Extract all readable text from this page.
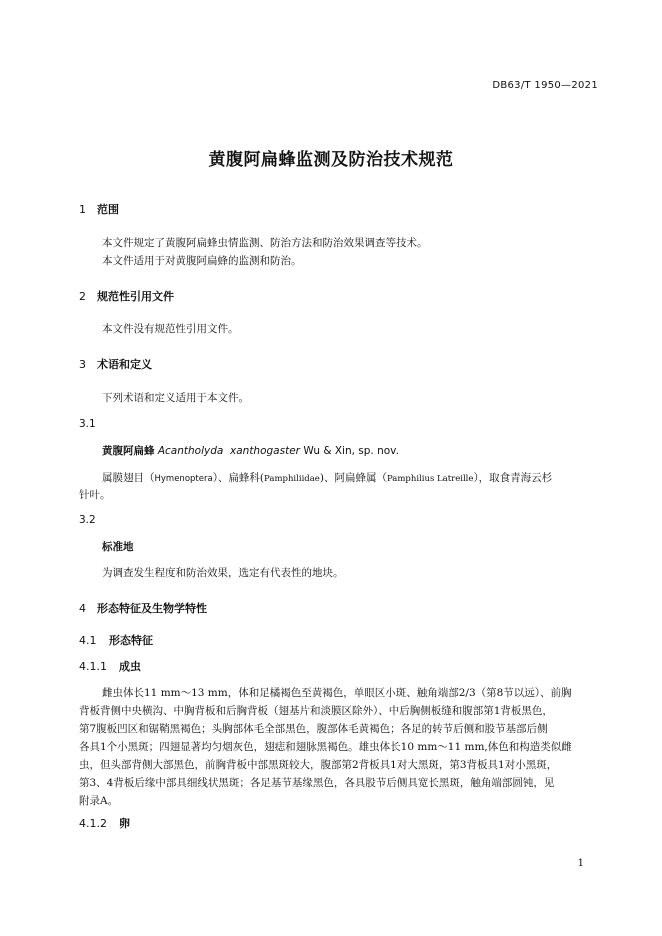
DB63/T 1950—2021
黄腹阿扁蜂监测及防治技术规范
1 范围
本文件规定了黄腹阿扁蜂虫情监测、防治方法和防治效果调查等技术。
本文件适用于对黄腹阿扁蜂的监测和防治。
2 规范性引用文件
本文件没有规范性引用文件。
3 术语和定义
下列术语和定义适用于本文件。
3.1
黄腹阿扁蜂 Acantholyda xanthogaster Wu & Xin, sp. nov.
属膜翅目（Hymenoptera）、扁蜂科(Pamphiliidae)、阿扁蜂属（Pamphilius Latreille），取食青海云杉
针叶。
3.2
标准地
为调查发生程度和防治效果，选定有代表性的地块。
4 形态特征及生物学特性
4.1 形态特征
4.1.1 成虫
雌虫体长11 mm～13 mm，体和足橘褐色至黄褐色，单眼区小斑、触角端部2/3（第8节以远）、前胸
背板背侧中央横沟、中胸背板和后胸背板（翅基片和淡膜区除外）、中后胸侧板缝和腹部第1背板黑色，
第7腹板凹区和锯鞘黑褐色；头胸部体毛全部黑色，腹部体毛黄褐色；各足的转节后侧和股节基部后侧
各具1个小黑斑；四翅显著均匀烟灰色，翅痣和翅脉黑褐色。雄虫体长10 mm～11 mm,体色和构造类似雌
虫，但头部背侧大部黑色，前胸背板中部黑斑较大，腹部第2背板具1对大黑斑，第3背板具1对小黑斑，
第3、4背板后缘中部具细线状黑斑；各足基节基缘黑色，各具股节后侧具宽长黑斑，触角端部圆钝，见
附录A。
4.1.2 卵
1
